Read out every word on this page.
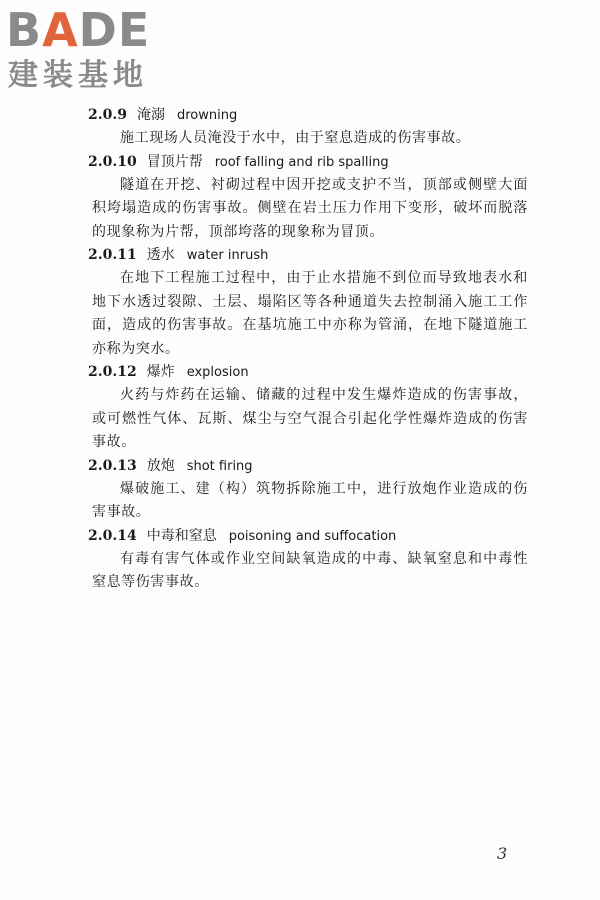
BADE
建装基地
2.0.9 淹溺 drowning

施工现场人员淹没于水中，由于窒息造成的伤害事故。

2.0.10 冒顶片帮 roof falling and rib spalling

隧道在开挖、衬砌过程中因开挖或支护不当，顶部或侧壁大面积垮塌造成的伤害事故。侧壁在岩土压力作用下变形，破坏而脱落的现象称为片帮，顶部垮落的现象称为冒顶。

2.0.11 透水 water inrush

在地下工程施工过程中，由于止水措施不到位而导致地表水和地下水透过裂隙、土层、塌陷区等各种通道失去控制涌入施工工作面，造成的伤害事故。在基坑施工中亦称为管涌，在地下隧道施工亦称为突水。

2.0.12 爆炸 explosion

火药与炸药在运输、储藏的过程中发生爆炸造成的伤害事故，或可燃性气体、瓦斯、煤尘与空气混合引起化学性爆炸造成的伤害事故。

2.0.13 放炮 shot firing

爆破施工、建（构）筑物拆除施工中，进行放炮作业造成的伤害事故。

2.0.14 中毒和窒息 poisoning and suffocation

有毒有害气体或作业空间缺氧造成的中毒、缺氧窒息和中毒性窒息等伤害事故。

3
